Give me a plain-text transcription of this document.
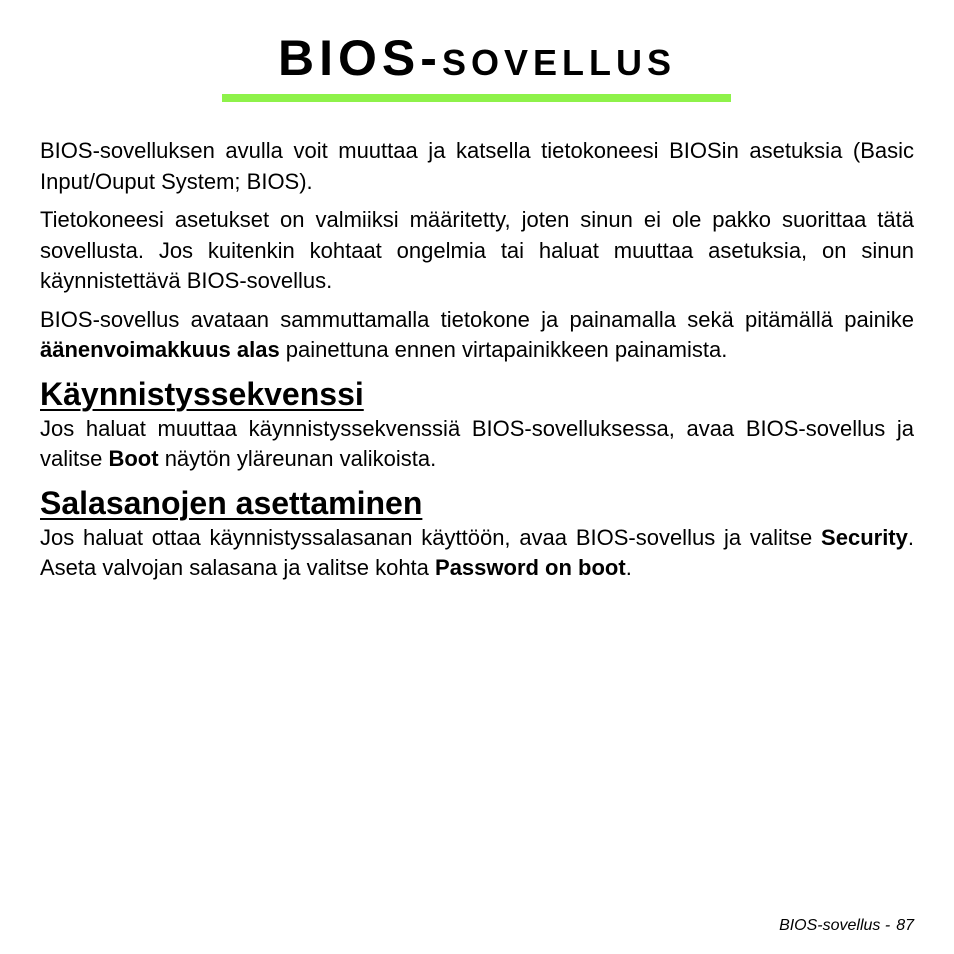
BIOS-SOVELLUS

BIOS-sovelluksen avulla voit muuttaa ja katsella tietokoneesi BIOSin asetuksia (Basic Input/Ouput System; BIOS).

Tietokoneesi asetukset on valmiiksi määritetty, joten sinun ei ole pakko suorittaa tätä sovellusta. Jos kuitenkin kohtaat ongelmia tai haluat muuttaa asetuksia, on sinun käynnistettävä BIOS-sovellus.

BIOS-sovellus avataan sammuttamalla tietokone ja painamalla sekä pitämällä painike äänenvoimakkuus alas painettuna ennen virtapainikkeen painamista.

Käynnistyssekvenssi

Jos haluat muuttaa käynnistyssekvenssiä BIOS-sovelluksessa, avaa BIOS-sovellus ja valitse Boot näytön yläreunan valikoista.

Salasanojen asettaminen

Jos haluat ottaa käynnistyssalasanan käyttöön, avaa BIOS-sovellus ja valitse Security. Aseta valvojan salasana ja valitse kohta Password on boot.

BIOS-sovellus - 87
